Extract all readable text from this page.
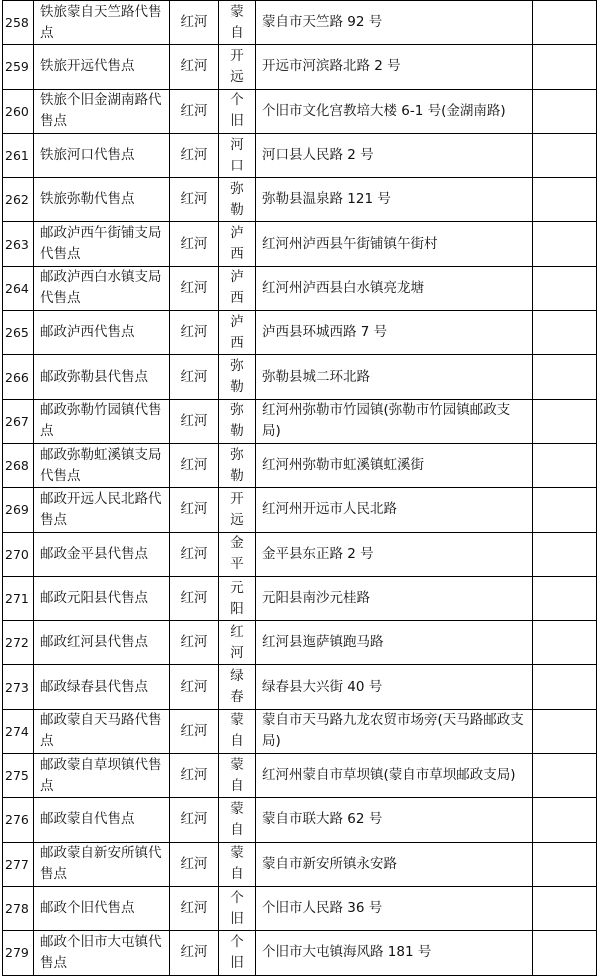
258	铁旅蒙自天竺路代售点	红河	蒙自	蒙自市天竺路 92 号	
259	铁旅开远代售点	红河	开远	开远市河滨路北路 2 号	
260	铁旅个旧金湖南路代售点	红河	个旧	个旧市文化宫教培大楼 6-1 号(金湖南路)	
261	铁旅河口代售点	红河	河口	河口县人民路 2 号	
262	铁旅弥勒代售点	红河	弥勒	弥勒县温泉路 121 号	
263	邮政泸西午街铺支局代售点	红河	泸西	红河州泸西县午街铺镇午街村	
264	邮政泸西白水镇支局代售点	红河	泸西	红河州泸西县白水镇亮龙塘	
265	邮政泸西代售点	红河	泸西	泸西县环城西路 7 号	
266	邮政弥勒县代售点	红河	弥勒	弥勒县城二环北路	
267	邮政弥勒竹园镇代售点	红河	弥勒	红河州弥勒市竹园镇(弥勒市竹园镇邮政支局)	
268	邮政弥勒虹溪镇支局代售点	红河	弥勒	红河州弥勒市虹溪镇虹溪街	
269	邮政开远人民北路代售点	红河	开远	红河州开远市人民北路	
270	邮政金平县代售点	红河	金平	金平县东正路 2 号	
271	邮政元阳县代售点	红河	元阳	元阳县南沙元桂路	
272	邮政红河县代售点	红河	红河	红河县迤萨镇跑马路	
273	邮政绿春县代售点	红河	绿春	绿春县大兴街 40 号	
274	邮政蒙自天马路代售点	红河	蒙自	蒙自市天马路九龙农贸市场旁(天马路邮政支局)	
275	邮政蒙自草坝镇代售点	红河	蒙自	红河州蒙自市草坝镇(蒙自市草坝邮政支局)	
276	邮政蒙自代售点	红河	蒙自	蒙自市联大路 62 号	
277	邮政蒙自新安所镇代售点	红河	蒙自	蒙自市新安所镇永安路	
278	邮政个旧代售点	红河	个旧	个旧市人民路 36 号	
279	邮政个旧市大屯镇代售点	红河	个旧	个旧市大屯镇海风路 181 号	
